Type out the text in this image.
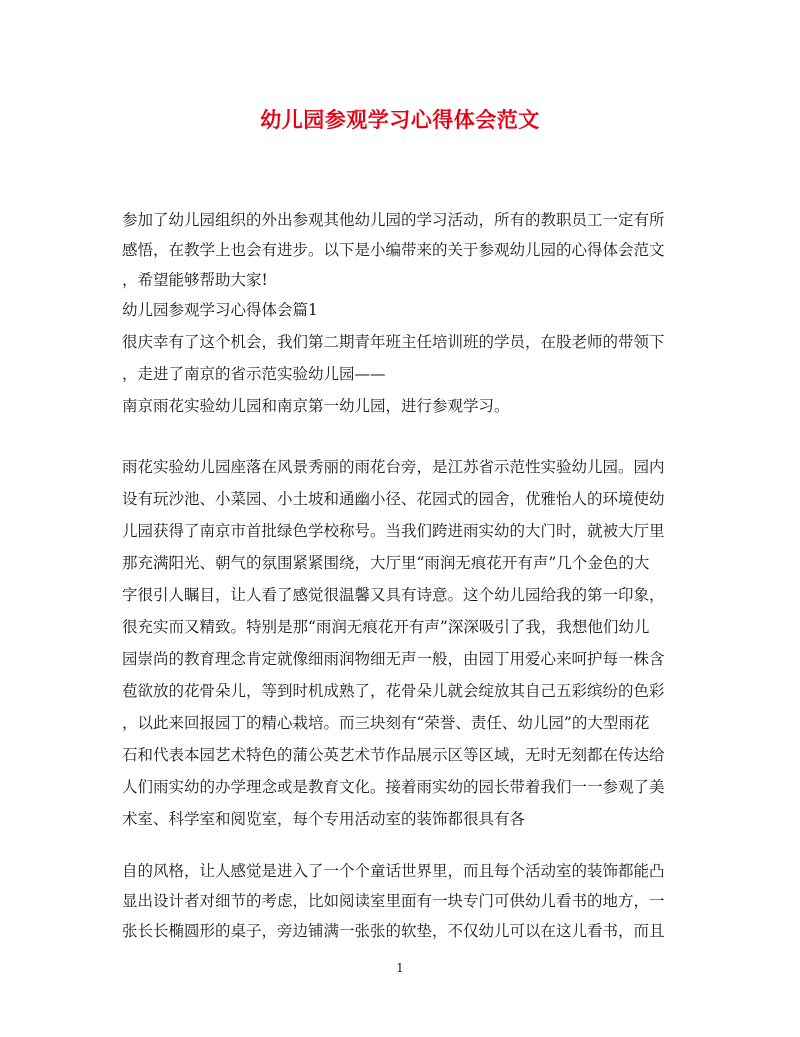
幼儿园参观学习心得体会范文
参加了幼儿园组织的外出参观其他幼儿园的学习活动，所有的教职员工一定有所
感悟，在教学上也会有进步。以下是小编带来的关于参观幼儿园的心得体会范文
，希望能够帮助大家!
幼儿园参观学习心得体会篇1
很庆幸有了这个机会，我们第二期青年班主任培训班的学员，在股老师的带领下
，走进了南京的省示范实验幼儿园——
南京雨花实验幼儿园和南京第一幼儿园，进行参观学习。
雨花实验幼儿园座落在风景秀丽的雨花台旁，是江苏省示范性实验幼儿园。园内
设有玩沙池、小菜园、小土坡和通幽小径、花园式的园舍，优雅怡人的环境使幼
儿园获得了南京市首批绿色学校称号。当我们跨进雨实幼的大门时，就被大厅里
那充满阳光、朝气的氛围紧紧围绕，大厅里“雨润无痕花开有声”几个金色的大
字很引人瞩目，让人看了感觉很温馨又具有诗意。这个幼儿园给我的第一印象，
很充实而又精致。特别是那“雨润无痕花开有声”深深吸引了我，我想他们幼儿
园崇尚的教育理念肯定就像细雨润物细无声一般，由园丁用爱心来呵护每一株含
苞欲放的花骨朵儿，等到时机成熟了，花骨朵儿就会绽放其自己五彩缤纷的色彩
，以此来回报园丁的精心栽培。而三块刻有“荣誉、责任、幼儿园”的大型雨花
石和代表本园艺术特色的蒲公英艺术节作品展示区等区域，无时无刻都在传达给
人们雨实幼的办学理念或是教育文化。接着雨实幼的园长带着我们一一参观了美
术室、科学室和阅览室，每个专用活动室的装饰都很具有各
自的风格，让人感觉是进入了一个个童话世界里，而且每个活动室的装饰都能凸
显出设计者对细节的考虑，比如阅读室里面有一块专门可供幼儿看书的地方，一
张长长椭圆形的桌子，旁边铺满一张张的软垫，不仅幼儿可以在这儿看书，而且
1
